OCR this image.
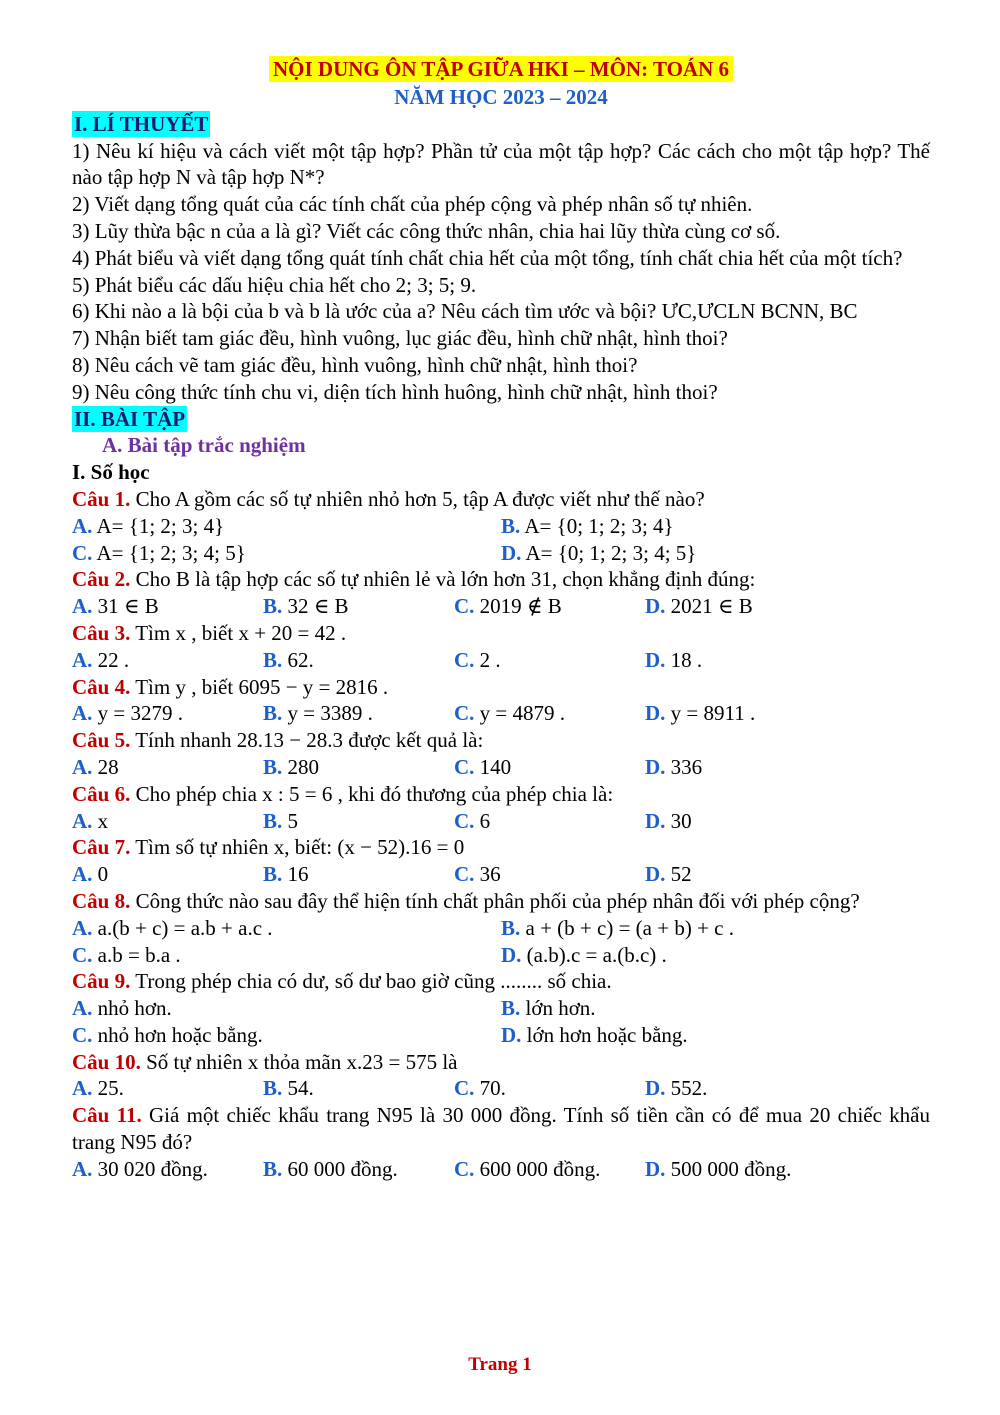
NỘI DUNG ÔN TẬP GIỮA HKI – MÔN: TOÁN 6
NĂM HỌC 2023 – 2024
I. LÍ THUYẾT
1) Nêu kí hiệu và cách viết một tập hợp? Phần tử của một tập hợp? Các cách cho một tập hợp? Thế nào tập hợp N và tập hợp N*?
2) Viết dạng tổng quát của các tính chất của phép cộng và phép nhân số tự nhiên.
3) Lũy thừa bậc n của a là gì? Viết các công thức nhân, chia hai lũy thừa cùng cơ số.
4) Phát biểu và viết dạng tổng quát tính chất chia hết của một tổng, tính chất chia hết của một tích?
5) Phát biểu các dấu hiệu chia hết cho 2; 3; 5; 9.
6) Khi nào a là bội của b và b là ước của a? Nêu cách tìm ước và bội? ƯC,ƯCLN BCNN, BC
7) Nhận biết tam giác đều, hình vuông, lục giác đều, hình chữ nhật, hình thoi?
8) Nêu cách vẽ tam giác đều, hình vuông, hình chữ nhật, hình thoi?
9) Nêu công thức tính chu vi, diện tích hình huông, hình chữ nhật, hình thoi?
II. BÀI TẬP
A. Bài tập trắc nghiệm
I. Số học
Câu 1. Cho A gồm các số tự nhiên nhỏ hơn 5, tập A được viết như thế nào?
A. A= {1; 2; 3; 4}	B. A= {0; 1; 2; 3; 4}
C. A= {1; 2; 3; 4; 5}	D. A= {0; 1; 2; 3; 4; 5}
Câu 2. Cho B là tập hợp các số tự nhiên lẻ và lớn hơn 31, chọn khẳng định đúng:
A. 31 ∈ B	B. 32 ∈ B	C. 2019 ∉ B	D. 2021 ∈ B
Câu 3. Tìm x , biết x + 20 = 42 .
A. 22 .	B. 62.	C. 2 .	D. 18 .
Câu 4. Tìm y , biết 6095 − y = 2816 .
A. y = 3279 .	B. y = 3389 .	C. y = 4879 .	D. y = 8911 .
Câu 5. Tính nhanh 28.13 − 28.3 được kết quả là:
A. 28	B. 280	C. 140	D. 336
Câu 6. Cho phép chia x : 5 = 6 , khi đó thương của phép chia là:
A. x	B. 5	C. 6	D. 30
Câu 7. Tìm số tự nhiên x, biết: (x − 52).16 = 0
A. 0	B. 16	C. 36	D. 52
Câu 8. Công thức nào sau đây thể hiện tính chất phân phối của phép nhân đối với phép cộng?
A. a.(b + c) = a.b + a.c .	B. a + (b + c) = (a + b) + c .
C. a.b = b.a .	D. (a.b).c = a.(b.c) .
Câu 9. Trong phép chia có dư, số dư bao giờ cũng ........ số chia.
A. nhỏ hơn.	B. lớn hơn.
C. nhỏ hơn hoặc bằng.	D. lớn hơn hoặc bằng.
Câu 10. Số tự nhiên x thỏa mãn x.23 = 575 là
A. 25.	B. 54.	C. 70.	D. 552.
Câu 11. Giá một chiếc khẩu trang N95 là 30 000 đồng. Tính số tiền cần có để mua 20 chiếc khẩu trang N95 đó?
A. 30 020 đồng.	B. 60 000 đồng.	C. 600 000 đồng.	D. 500 000 đồng.
Trang 1
